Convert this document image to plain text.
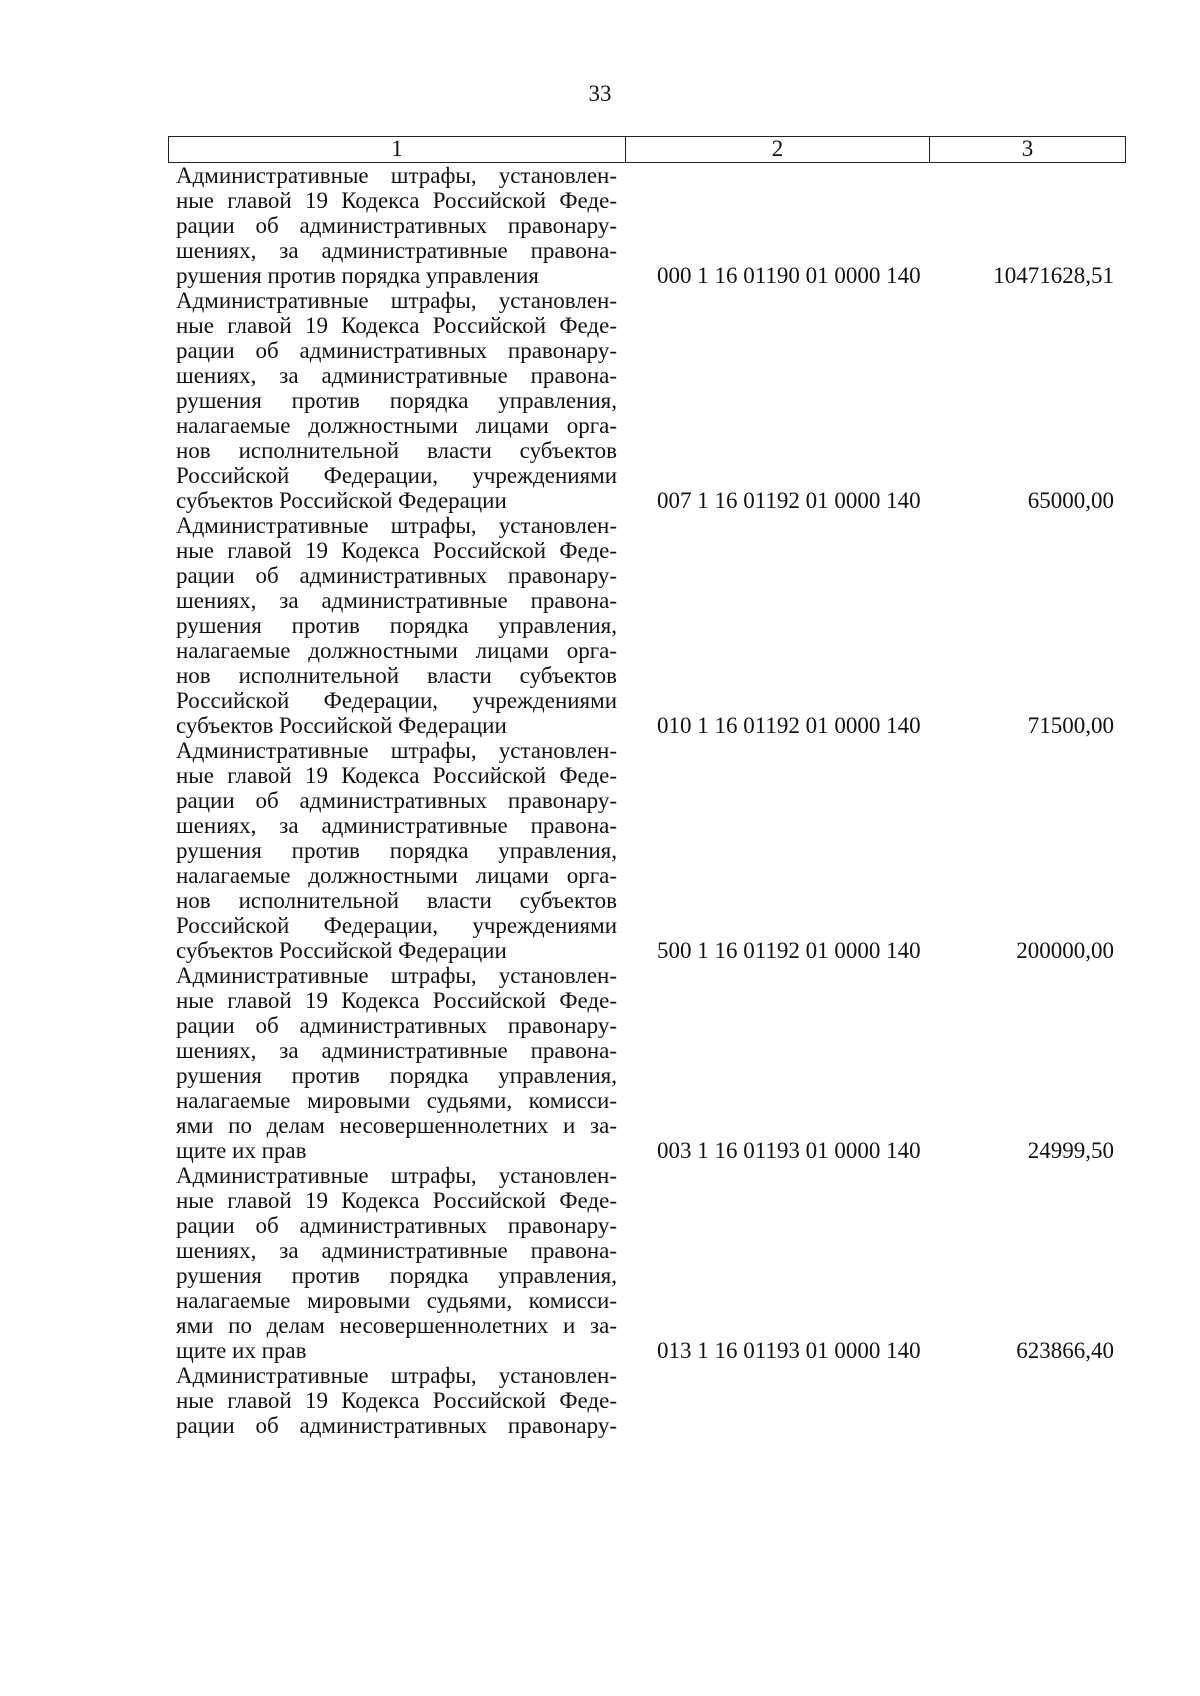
33
1	2	3
Административные штрафы, установлен-
ные главой 19 Кодекса Российской Феде-
рации об административных правонару-
шениях, за административные правона-
рушения против порядка управления	000 1 16 01190 01 0000 140	10471628,51
Административные штрафы, установлен-
ные главой 19 Кодекса Российской Феде-
рации об административных правонару-
шениях, за административные правона-
рушения против порядка управления,
налагаемые должностными лицами орга-
нов исполнительной власти субъектов
Российской Федерации, учреждениями
субъектов Российской Федерации	007 1 16 01192 01 0000 140	65000,00
Административные штрафы, установлен-
ные главой 19 Кодекса Российской Феде-
рации об административных правонару-
шениях, за административные правона-
рушения против порядка управления,
налагаемые должностными лицами орга-
нов исполнительной власти субъектов
Российской Федерации, учреждениями
субъектов Российской Федерации	010 1 16 01192 01 0000 140	71500,00
Административные штрафы, установлен-
ные главой 19 Кодекса Российской Феде-
рации об административных правонару-
шениях, за административные правона-
рушения против порядка управления,
налагаемые должностными лицами орга-
нов исполнительной власти субъектов
Российской Федерации, учреждениями
субъектов Российской Федерации	500 1 16 01192 01 0000 140	200000,00
Административные штрафы, установлен-
ные главой 19 Кодекса Российской Феде-
рации об административных правонару-
шениях, за административные правона-
рушения против порядка управления,
налагаемые мировыми судьями, комисси-
ями по делам несовершеннолетних и за-
щите их прав	003 1 16 01193 01 0000 140	24999,50
Административные штрафы, установлен-
ные главой 19 Кодекса Российской Феде-
рации об административных правонару-
шениях, за административные правона-
рушения против порядка управления,
налагаемые мировыми судьями, комисси-
ями по делам несовершеннолетних и за-
щите их прав	013 1 16 01193 01 0000 140	623866,40
Административные штрафы, установлен-
ные главой 19 Кодекса Российской Феде-
рации об административных правонару-
